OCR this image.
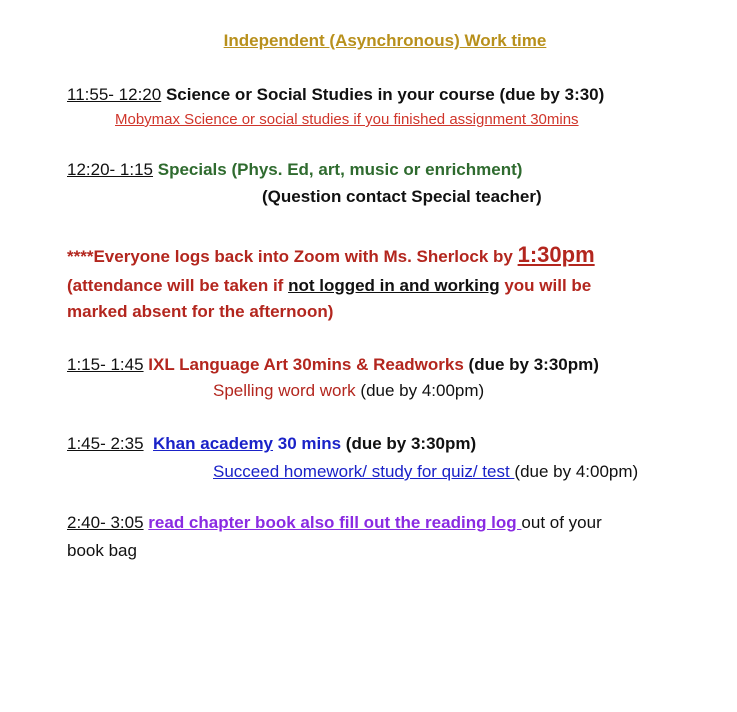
Independent (Asynchronous) Work time
11:55- 12:20 Science or Social Studies in your course (due by 3:30)
Mobymax Science or social studies if you finished assignment 30mins
12:20- 1:15 Specials (Phys. Ed, art, music or enrichment)
(Question contact Special teacher)
****Everyone logs back into Zoom with Ms. Sherlock by 1:30pm
(attendance will be taken if not logged in and working you will be
marked absent for the afternoon)
1:15- 1:45 IXL Language Art 30mins & Readworks (due by 3:30pm)
Spelling word work (due by 4:00pm)
1:45- 2:35 Khan academy 30 mins (due by 3:30pm)
Succeed homework/ study for quiz/ test (due by 4:00pm)
2:40- 3:05 read chapter book also fill out the reading log out of your
book bag
